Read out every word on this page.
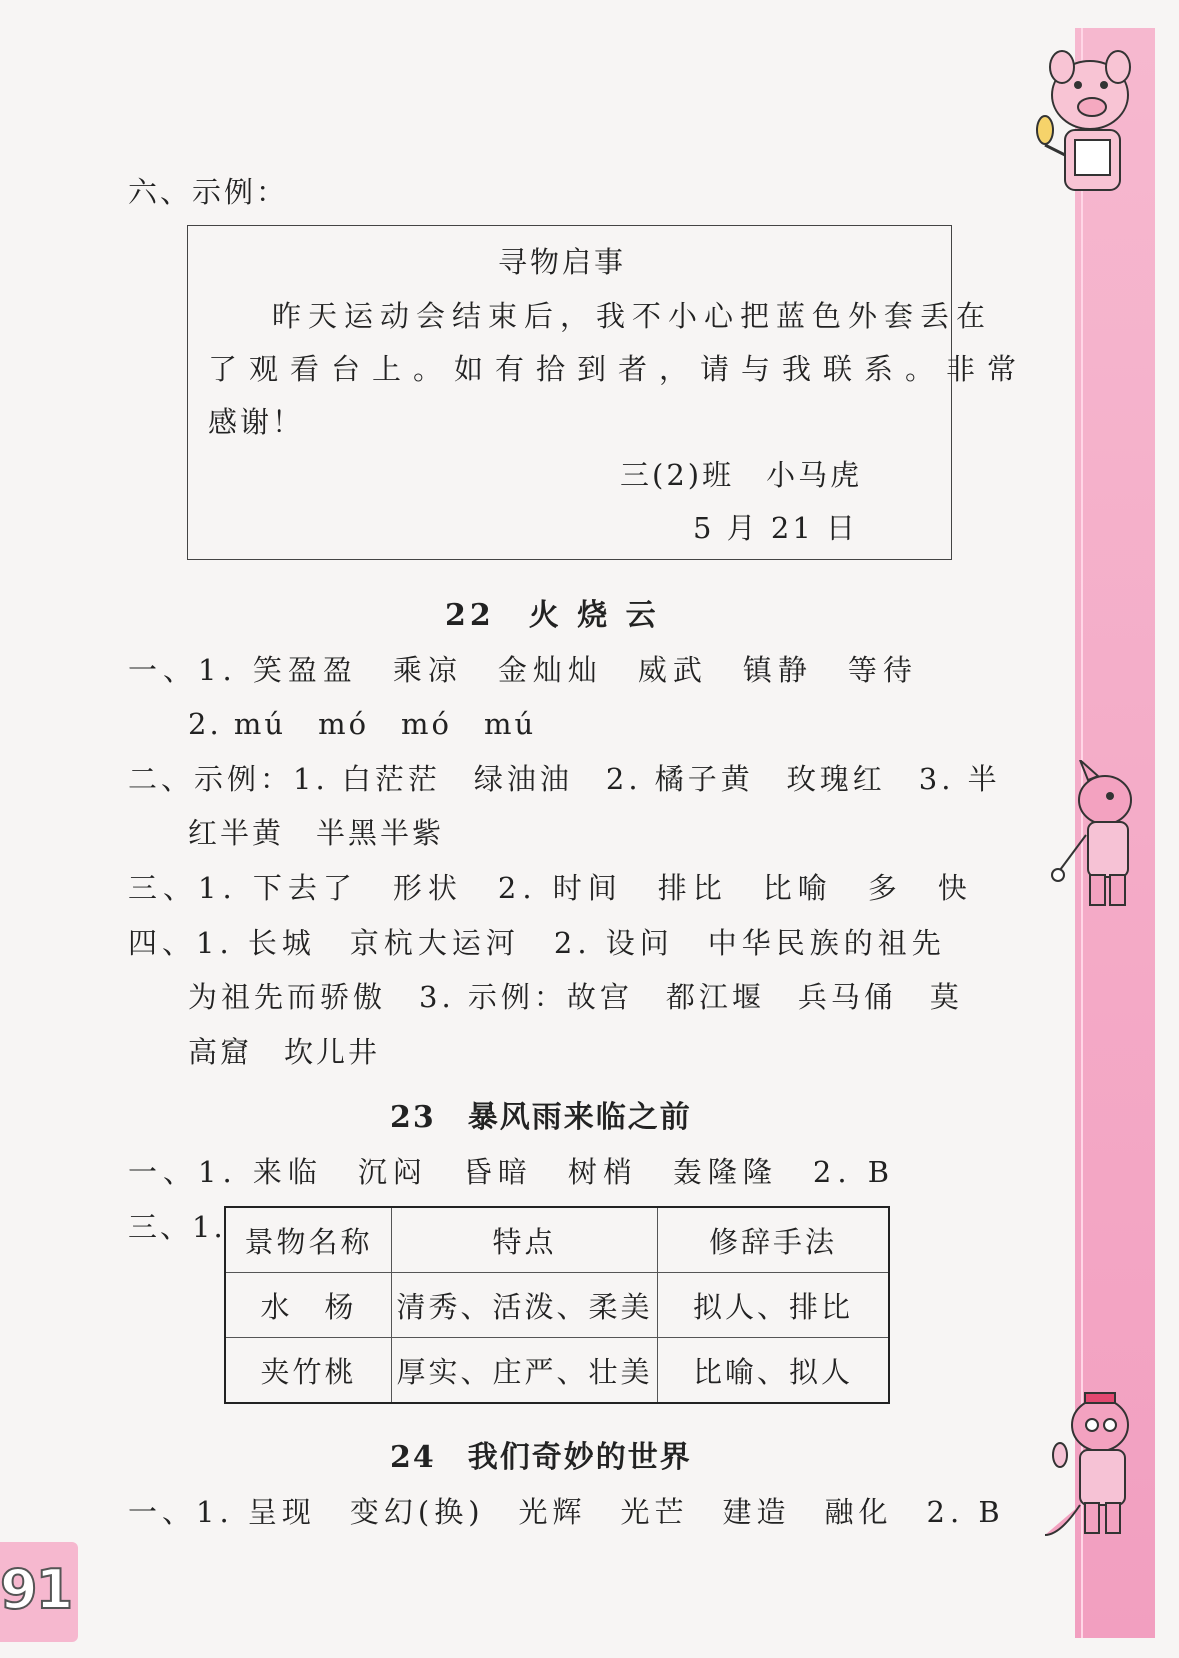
六、示例：
寻物启事
昨天运动会结束后，我不小心把蓝色外套丢在
了观看台上。如有拾到者，请与我联系。非常
感谢！
三(2)班　小马虎
5 月 21 日
22　火 烧 云
一、1. 笑盈盈　乘凉　金灿灿　威武　镇静　等待
2. mú　mó　mó　mú
二、示例：1. 白茫茫　绿油油　2. 橘子黄　玫瑰红　3. 半
红半黄　半黑半紫
三、1. 下去了　形状　2. 时间　排比　比喻　多　快
四、1. 长城　京杭大运河　2. 设问　中华民族的祖先
为祖先而骄傲　3. 示例：故宫　都江堰　兵马俑　莫
高窟　坎儿井
23　暴风雨来临之前
一、1. 来临　沉闷　昏暗　树梢　轰隆隆　2. B
三、1. 景物名称	特点	修辞手法
水　杨	清秀、活泼、柔美	拟人、排比
夹竹桃	厚实、庄严、壮美	比喻、拟人
24　我们奇妙的世界
一、1. 呈现　变幻(换)　光辉　光芒　建造　融化　2. B
91
